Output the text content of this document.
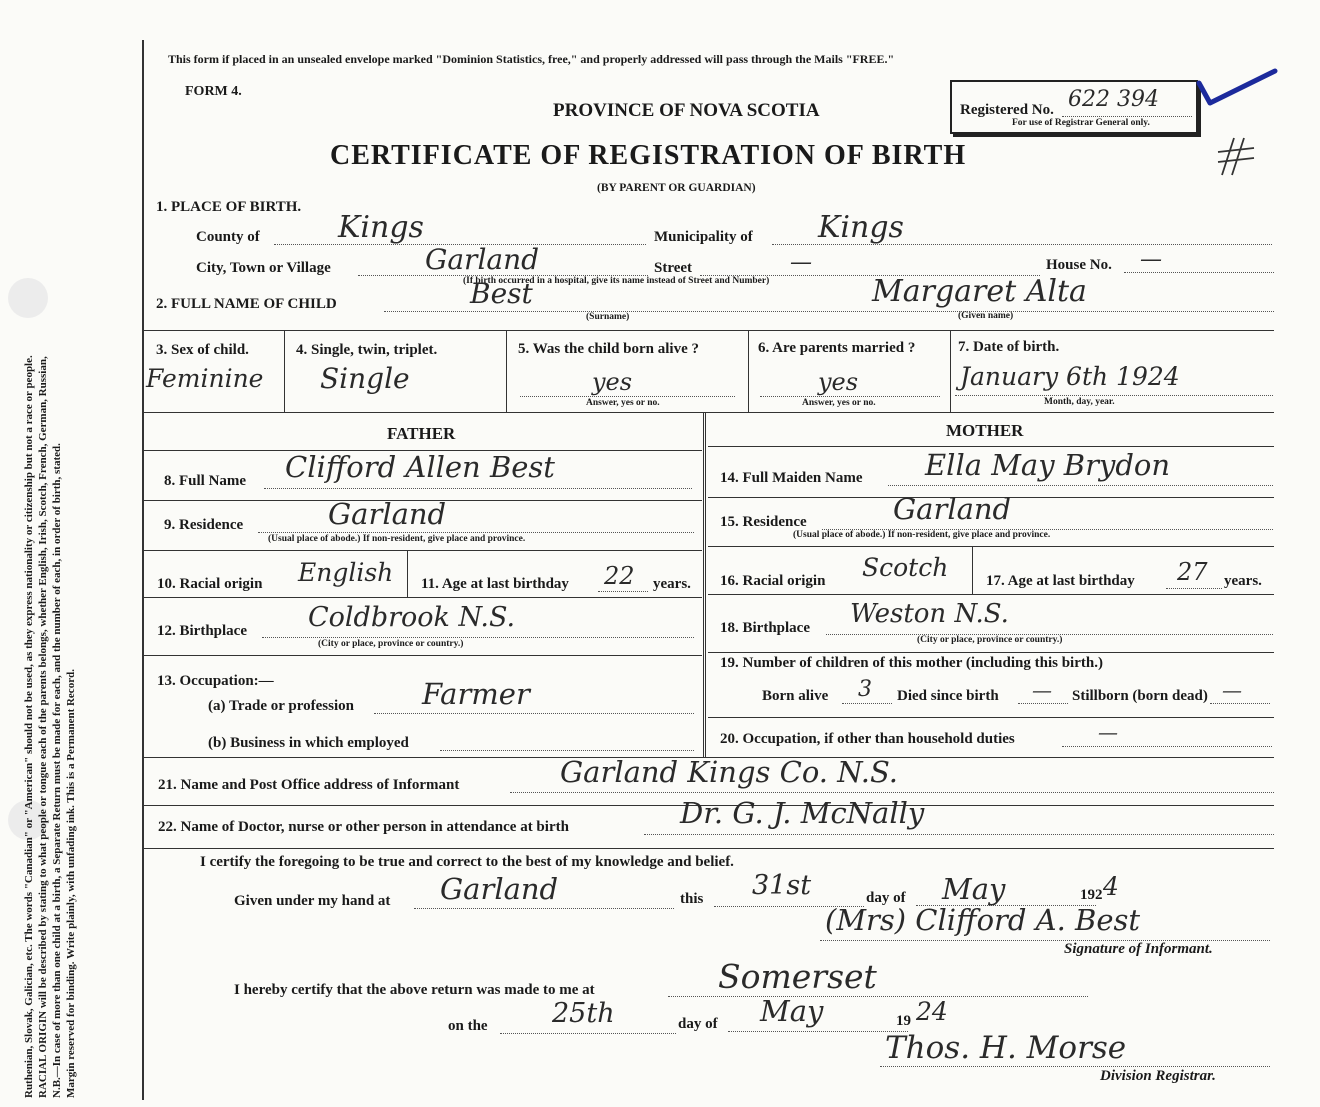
Ruthenian, Slovak, Galician, etc. The words "Canadian" or "American" should not be used, as they express nationality or citizenship but not a race or people. RACIAL ORIGIN will be described by stating to what people or tongue each of the parents belongs, whether English, Irish, Scotch, French, German, Russian, N.B.—In case of more than one child at a birth, a Separate Return must be made for each, and the number of each, in order of birth, stated. Margin reserved for binding. Write plainly, with unfading ink. This is a Permanent Record.
This form if placed in an unsealed envelope marked "Dominion Statistics, free," and properly addressed will pass through the Mails "FREE."
FORM 4.
PROVINCE OF NOVA SCOTIA
CERTIFICATE OF REGISTRATION OF BIRTH
(BY PARENT OR GUARDIAN)
Registered No. 622 394
For use of Registrar General only.
1. PLACE OF BIRTH.
County of	Kings	Municipality of Kings
City, Town or Village	Garland	Street	—	House No. —
(If birth occurred in a hospital, give its name instead of Street and Number)
2. FULL NAME OF CHILD	Best
(Surname)
Margaret Alta
(Given name)
3. Sex of child.
Feminine
4. Single, twin, triplet.
Single
5. Was the child born alive ?
yes
Answer, yes or no.
6. Are parents married ?
yes
Answer, yes or no.
7. Date of birth.
January 6th 1924
Month, day, year.
FATHER	MOTHER
8. Full Name Clifford Allen Best
9. Residence	Garland
(Usual place of abode.) If non-resident, give place and province.
10. Racial origin English 11. Age at last birthday 22 years.
12. Birthplace Coldbrook N.S.
(City or place, province or country.)
13. Occupation:—
(a) Trade or profession Farmer
(b) Business in which employed
14. Full Maiden Name Ella May Brydon
15. Residence	Garland
(Usual place of abode.) If non-resident, give place and province.
16. Racial origin Scotch	17. Age at last birthday 27 years.
18. Birthplace Weston N.S.
(City or place, province or country.)
19. Number of children of this mother (including this birth.)
Born alive 3 Died since birth — Stillborn (born dead) —
20. Occupation, if other than household duties	—
21. Name and Post Office address of Informant	Garland Kings Co. N.S.
22. Name of Doctor, nurse or other person in attendance at birth	Dr. G. J. McNally
I certify the foregoing to be true and correct to the best of my knowledge and belief.
Given under my hand at Garland	this 31st	day of May	192 4
(Mrs) Clifford A. Best
Signature of Informant.
I hereby certify that the above return was made to me at	Somerset
on the 25th	day of May	19 24
Thos. H. Morse
Division Registrar.
